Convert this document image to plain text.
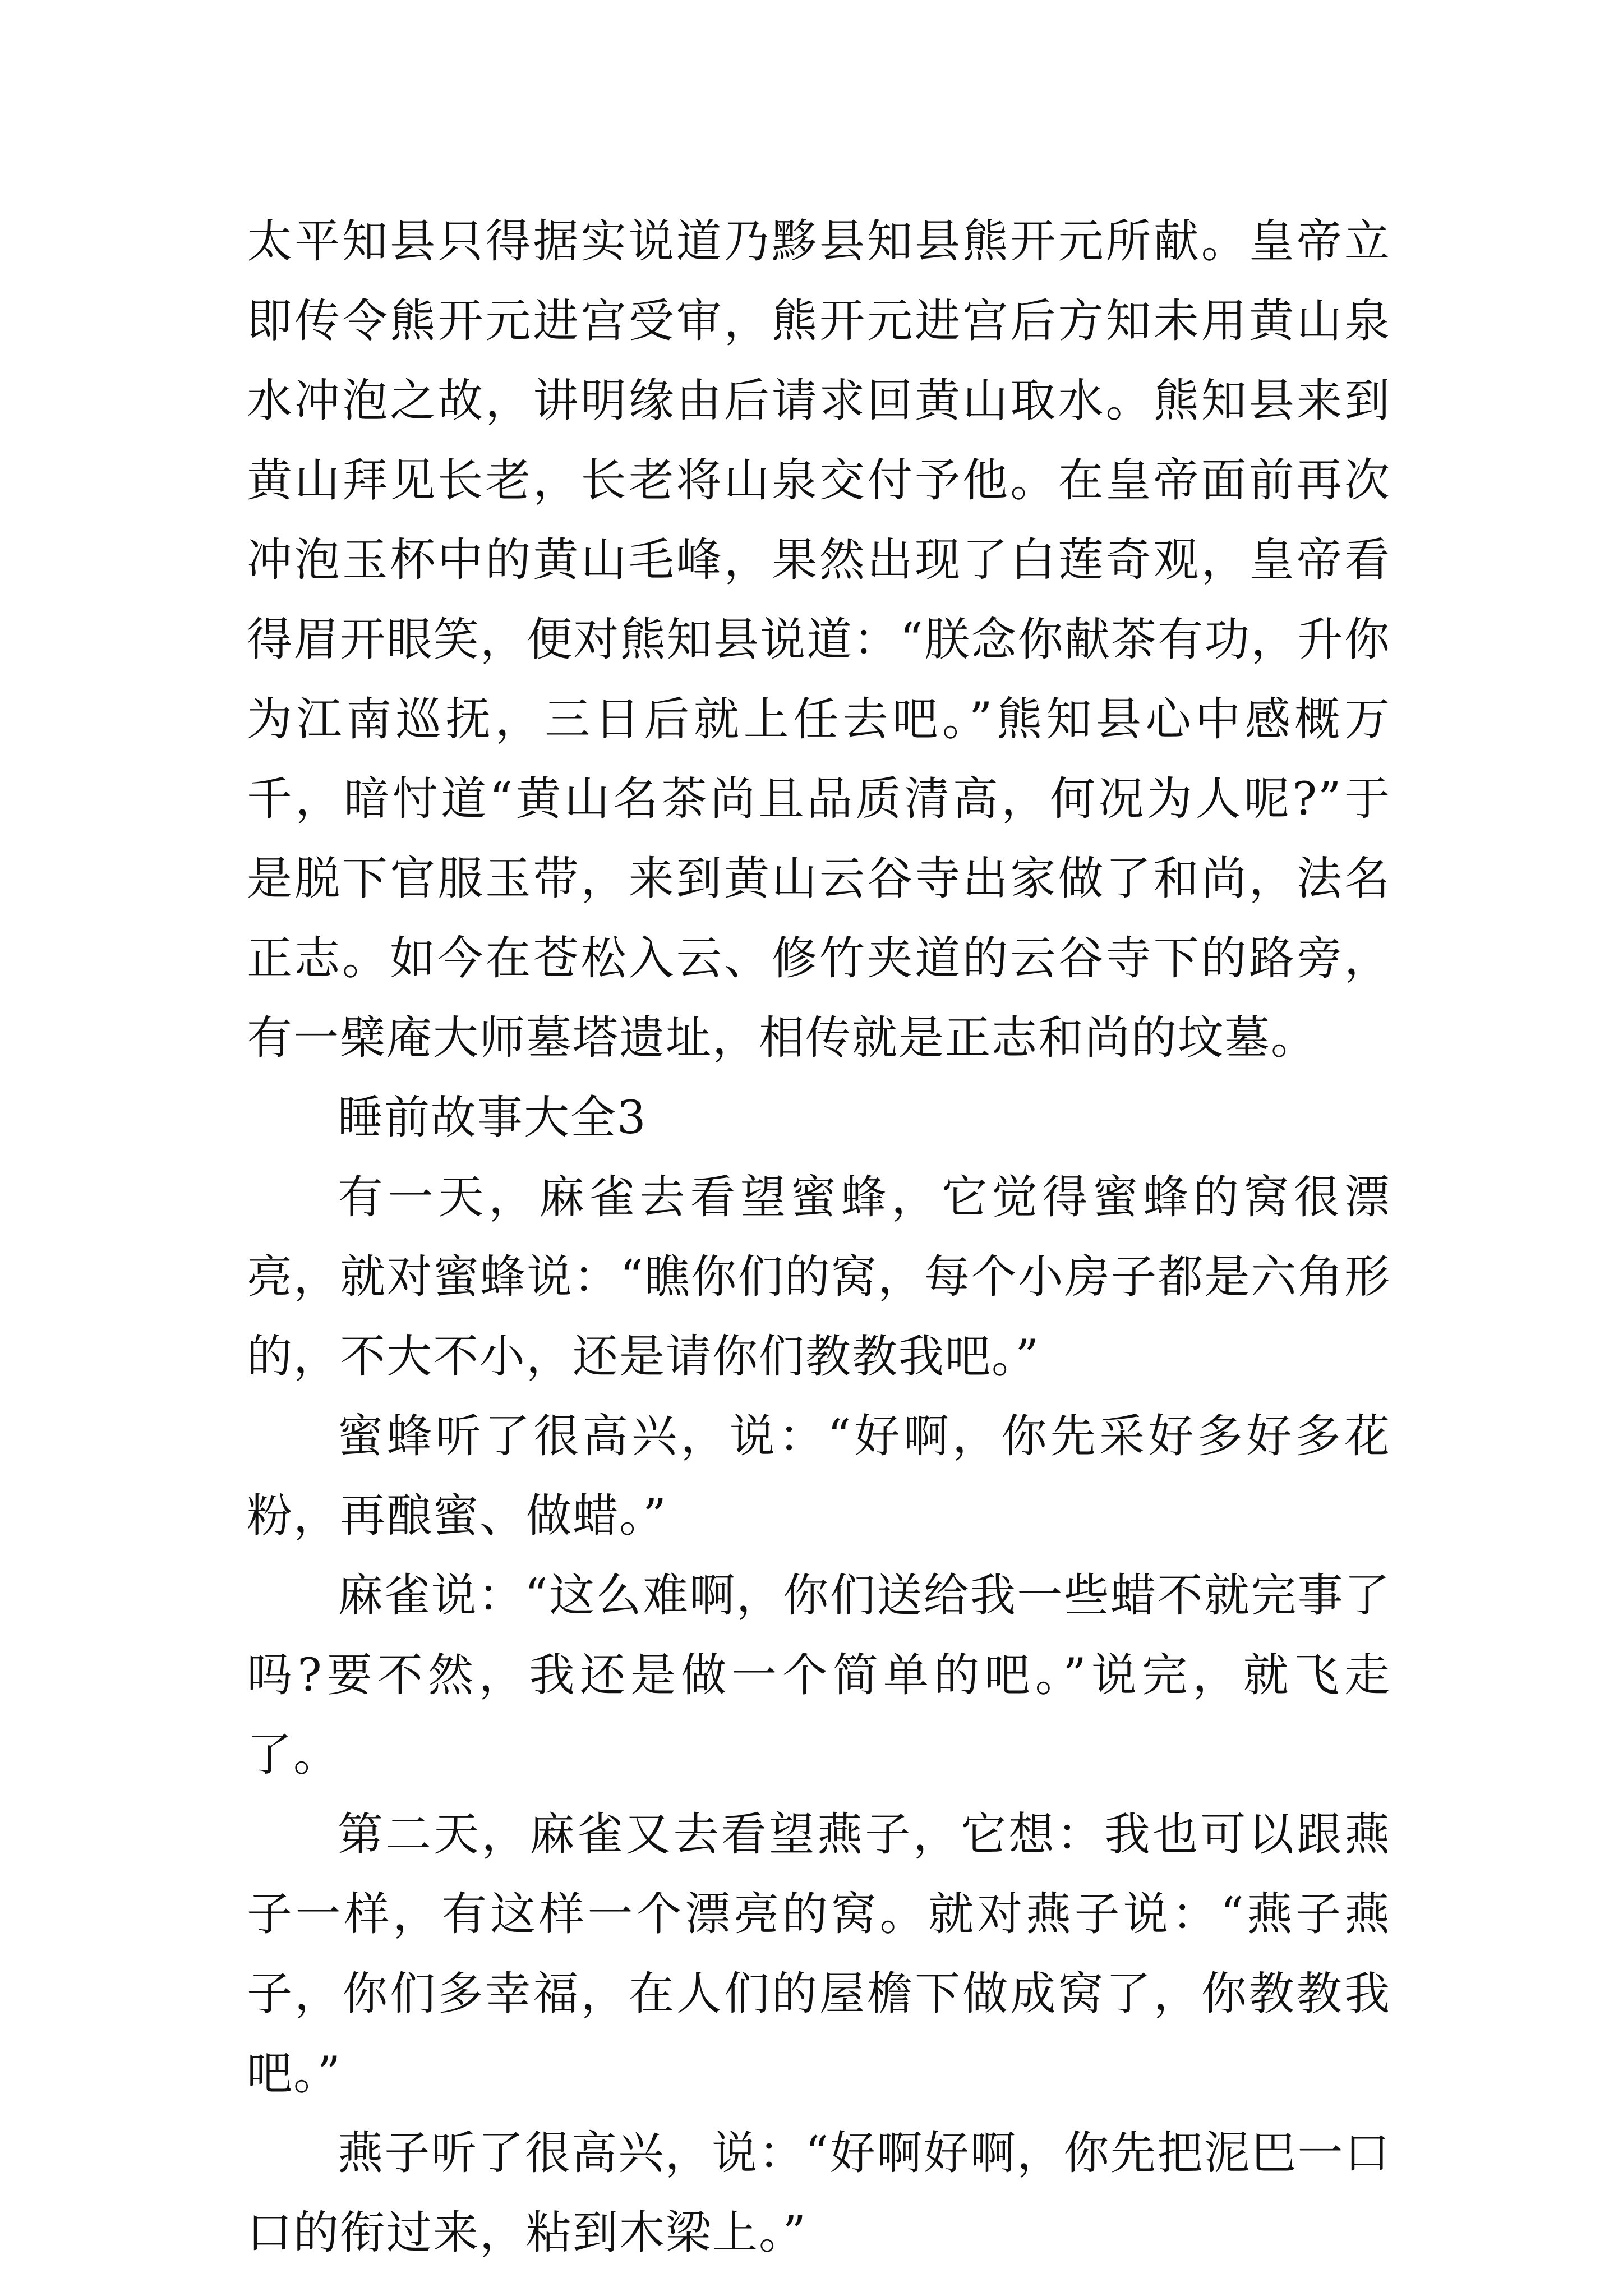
太平知县只得据实说道乃黟县知县熊开元所献。皇帝立即传令熊开元进宫受审，熊开元进宫后方知未用黄山泉水冲泡之故，讲明缘由后请求回黄山取水。熊知县来到黄山拜见长老，长老将山泉交付予他。在皇帝面前再次冲泡玉杯中的黄山毛峰，果然出现了白莲奇观，皇帝看得眉开眼笑，便对熊知县说道：“朕念你献茶有功，升你为江南巡抚，三日后就上任去吧。”熊知县心中感概万千，暗忖道“黄山名茶尚且品质清高，何况为人呢?”于是脱下官服玉带，来到黄山云谷寺出家做了和尚，法名正志。如今在苍松入云、修竹夹道的云谷寺下的路旁，有一檗庵大师墓塔遗址，相传就是正志和尚的坟墓。

睡前故事大全3

有一天，麻雀去看望蜜蜂，它觉得蜜蜂的窝很漂亮，就对蜜蜂说：“瞧你们的窝，每个小房子都是六角形的，不大不小，还是请你们教教我吧。”

蜜蜂听了很高兴，说：“好啊，你先采好多好多花粉，再酿蜜、做蜡。”

麻雀说：“这么难啊，你们送给我一些蜡不就完事了吗?要不然，我还是做一个简单的吧。”说完，就飞走了。

第二天，麻雀又去看望燕子，它想：我也可以跟燕子一样，有这样一个漂亮的窝。就对燕子说：“燕子燕子，你们多幸福，在人们的屋檐下做成窝了，你教教我吧。”

燕子听了很高兴，说：“好啊好啊，你先把泥巴一口口的衔过来，粘到木梁上。”
